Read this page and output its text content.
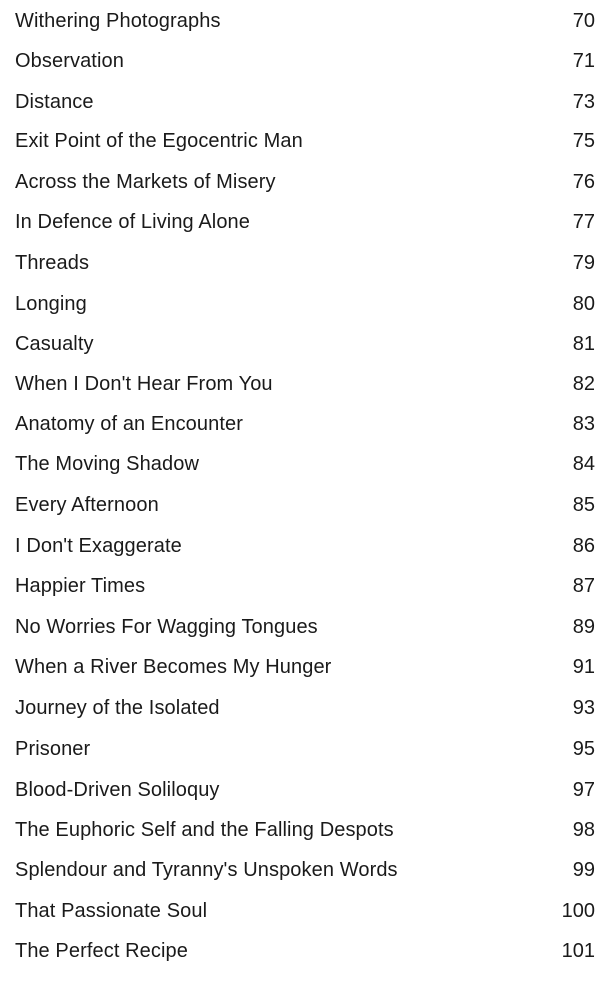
Withering Photographs	70
Observation	71
Distance	73
Exit Point of the Egocentric Man	75
Across the Markets of Misery	76
In Defence of Living Alone	77
Threads	79
Longing	80
Casualty	81
When I Don't Hear From You	82
Anatomy of an Encounter	83
The Moving Shadow	84
Every Afternoon	85
I Don't Exaggerate	86
Happier Times	87
No Worries For Wagging Tongues	89
When a River Becomes My Hunger	91
Journey of the Isolated	93
Prisoner	95
Blood-Driven Soliloquy	97
The Euphoric Self and the Falling Despots	98
Splendour and Tyranny's Unspoken Words	99
That Passionate Soul	100
The Perfect Recipe	101
